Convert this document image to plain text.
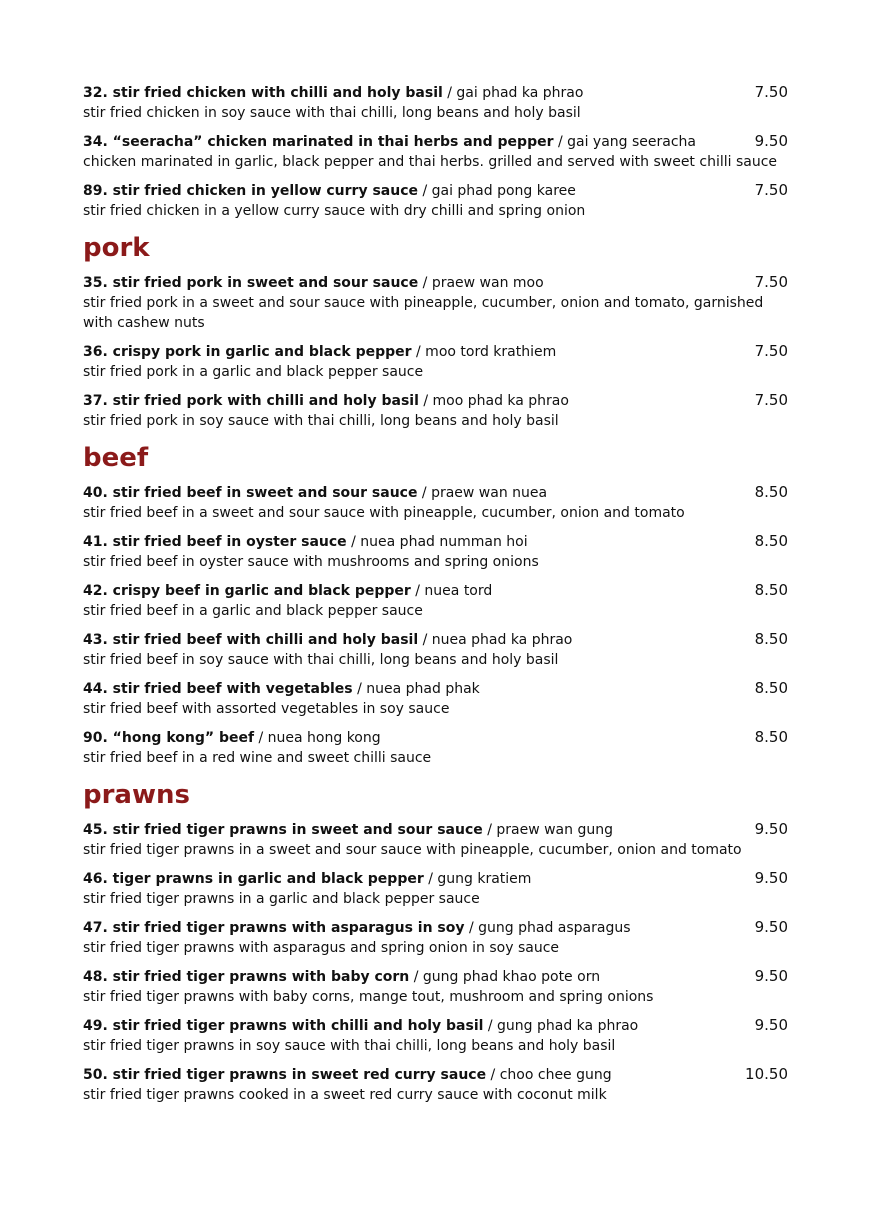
32. stir fried chicken with chilli and holy basil / gai phad ka phrao	7.50
stir fried chicken in soy sauce with thai chilli, long beans and holy basil
34. “seeracha” chicken marinated in thai herbs and pepper / gai yang seeracha	9.50
chicken marinated in garlic, black pepper and thai herbs. grilled and served with sweet chilli sauce
89. stir fried chicken in yellow curry sauce / gai phad pong karee	7.50
stir fried chicken in a yellow curry sauce with dry chilli and spring onion
pork
35. stir fried pork in sweet and sour sauce / praew wan moo	7.50
stir fried pork in a sweet and sour sauce with pineapple, cucumber, onion and tomato, garnished with cashew nuts
36. crispy pork in garlic and black pepper / moo tord krathiem	7.50
stir fried pork in a garlic and black pepper sauce
37. stir fried pork with chilli and holy basil / moo phad ka phrao	7.50
stir fried pork in soy sauce with thai chilli, long beans and holy basil
beef
40. stir fried beef in sweet and sour sauce / praew wan nuea	8.50
stir fried beef in a sweet and sour sauce with pineapple, cucumber, onion and tomato
41. stir fried beef in oyster sauce / nuea phad numman hoi	8.50
stir fried beef in oyster sauce with mushrooms and spring onions
42. crispy beef in garlic and black pepper / nuea tord	8.50
stir fried beef in a garlic and black pepper sauce
43. stir fried beef with chilli and holy basil / nuea phad ka phrao	8.50
stir fried beef in soy sauce with thai chilli, long beans and holy basil
44. stir fried beef with vegetables / nuea phad phak	8.50
stir fried beef with assorted vegetables in soy sauce
90. “hong kong” beef / nuea hong kong	8.50
stir fried beef in a red wine and sweet chilli sauce
prawns
45. stir fried tiger prawns in sweet and sour sauce / praew wan gung	9.50
stir fried tiger prawns in a sweet and sour sauce with pineapple, cucumber, onion and tomato
46. tiger prawns in garlic and black pepper / gung kratiem	9.50
stir fried tiger prawns in a garlic and black pepper sauce
47. stir fried tiger prawns with asparagus in soy / gung phad asparagus	9.50
stir fried tiger prawns with asparagus and spring onion in soy sauce
48. stir fried tiger prawns with baby corn / gung phad khao pote orn	9.50
stir fried tiger prawns with baby corns, mange tout, mushroom and spring onions
49. stir fried tiger prawns with chilli and holy basil / gung phad ka phrao	9.50
stir fried tiger prawns in soy sauce with thai chilli, long beans and holy basil
50. stir fried tiger prawns in sweet red curry sauce / choo chee gung	10.50
stir fried tiger prawns cooked in a sweet red curry sauce with coconut milk
